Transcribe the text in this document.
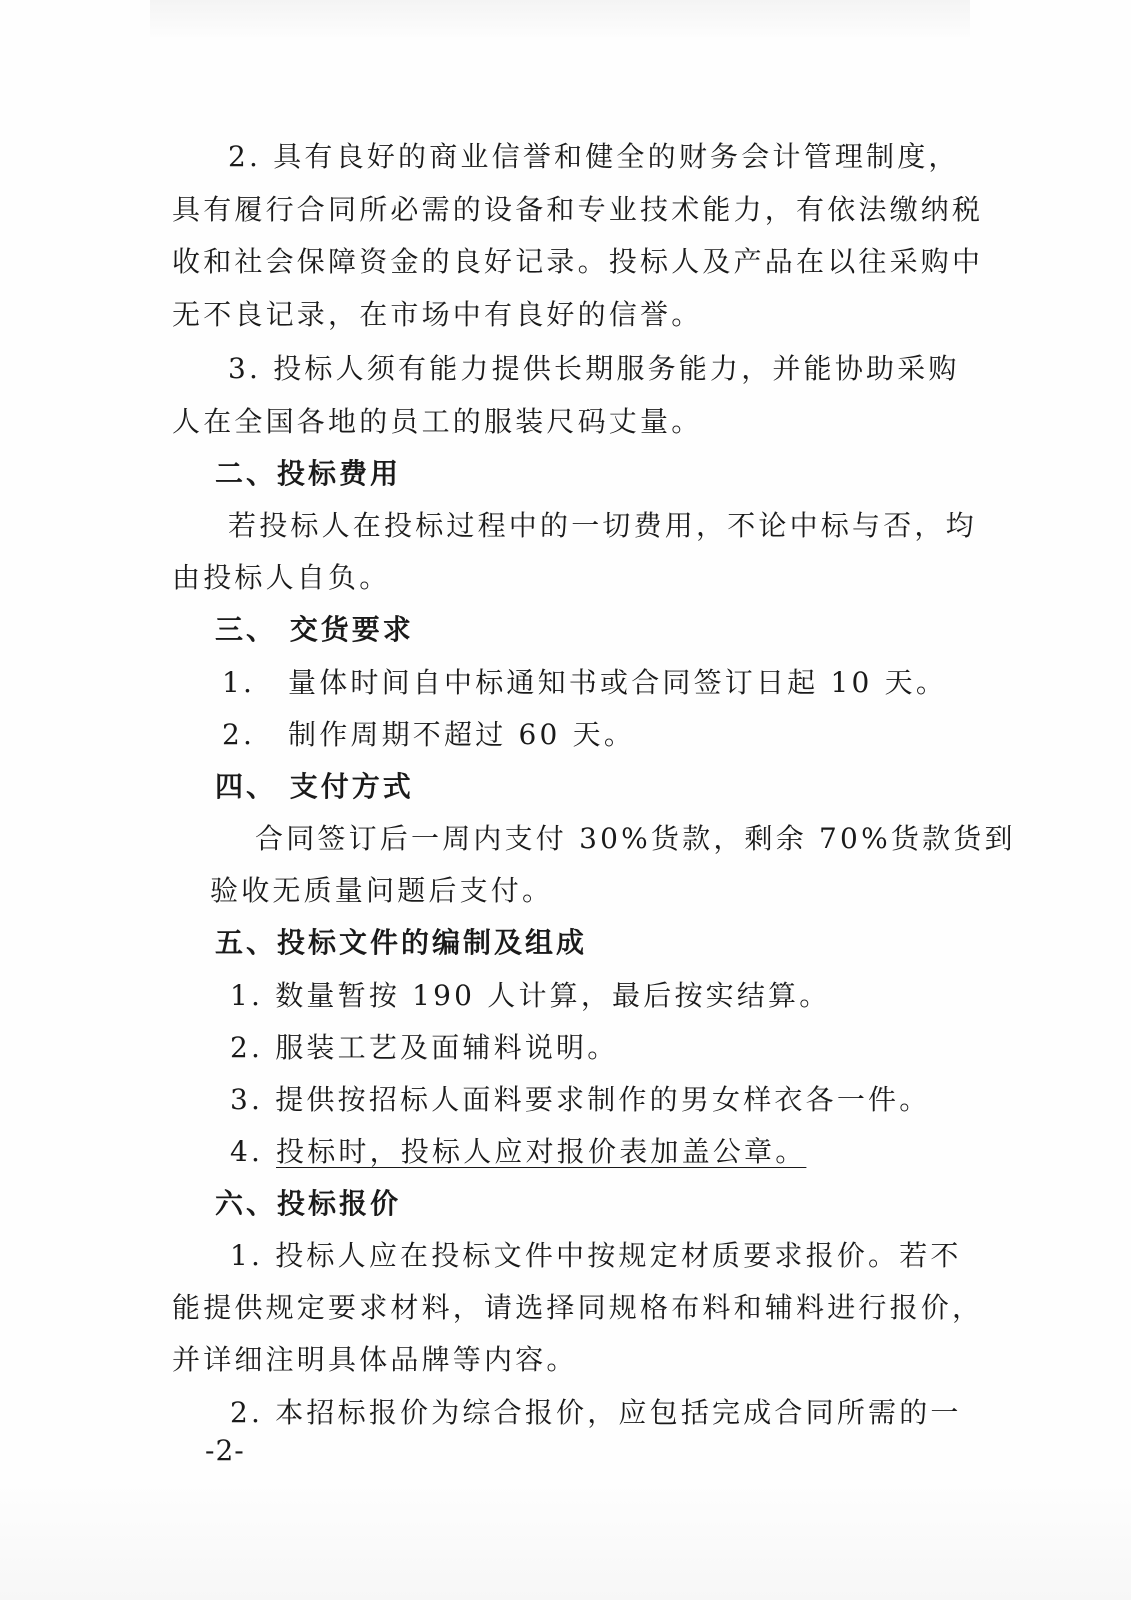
2. 具有良好的商业信誉和健全的财务会计管理制度，
具有履行合同所必需的设备和专业技术能力，有依法缴纳税
收和社会保障资金的良好记录。投标人及产品在以往采购中
无不良记录，在市场中有良好的信誉。
3. 投标人须有能力提供长期服务能力，并能协助采购
人在全国各地的员工的服装尺码丈量。
二、投标费用
若投标人在投标过程中的一切费用，不论中标与否，均
由投标人自负。
三、 交货要求
1. 量体时间自中标通知书或合同签订日起 10 天。
2. 制作周期不超过 60 天。
四、 支付方式
合同签订后一周内支付 30%货款，剩余 70%货款货到
验收无质量问题后支付。
五、投标文件的编制及组成
1. 数量暂按 190 人计算，最后按实结算。
2. 服装工艺及面辅料说明。
3. 提供按招标人面料要求制作的男女样衣各一件。
4. 投标时，投标人应对报价表加盖公章。
六、投标报价
1. 投标人应在投标文件中按规定材质要求报价。若不
能提供规定要求材料，请选择同规格布料和辅料进行报价，
并详细注明具体品牌等内容。
2. 本招标报价为综合报价，应包括完成合同所需的一
-2-
